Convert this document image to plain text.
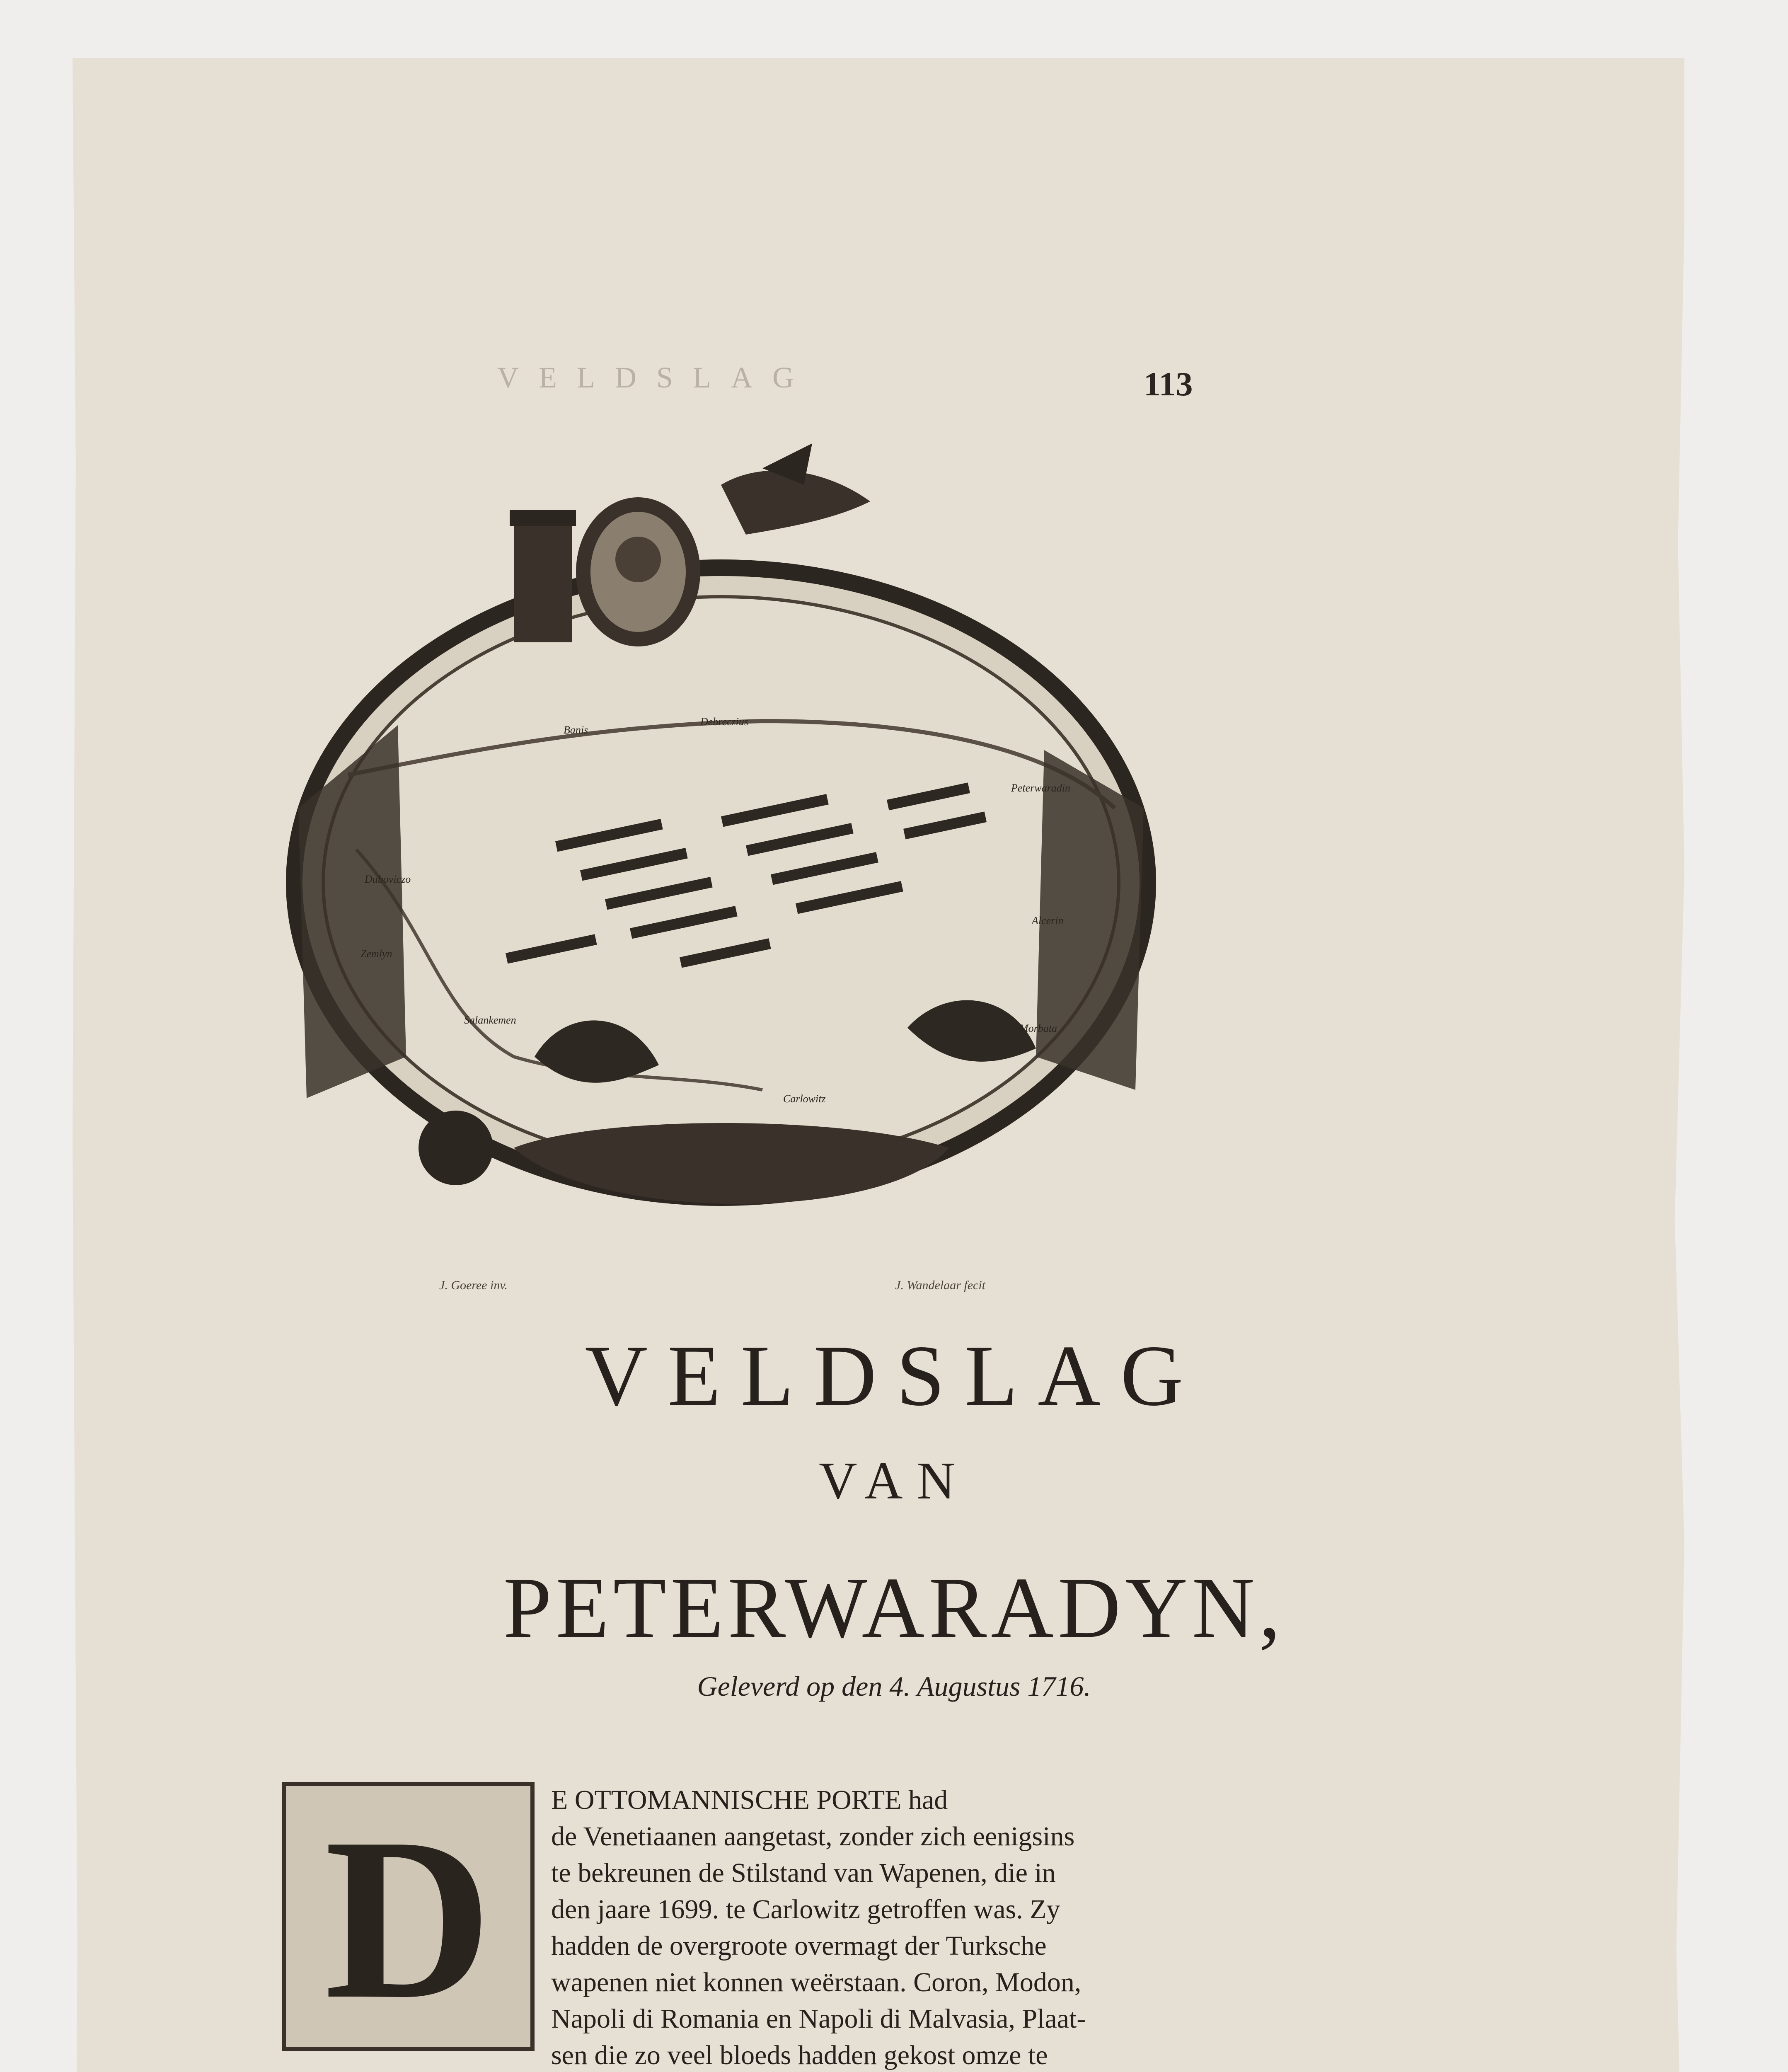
VELDSLAG	113
Banis
Debreczius
Peterwaradin
Zemlyn
Salankemen
Carlowitz
Alcerin
Morbata
Duboviczo
J. Goeree inv.	J. Wandelaar fecit
VELDSLAG
VAN
PETERWARADYN,
Geleverd op den 4. Augustus 1716.
D	E OTTOMANNISCHE PORTE had
de Venetiaanen aangetast, zonder zich eenigsins
te bekreunen de Stilstand van Wapenen, die in
den jaare 1699. te Carlowitz getroffen was. Zy
hadden de overgroote overmagt der Turksche
wapenen niet konnen weërstaan. Coron, Modon,
Napoli di Romania en Napoli di Malvasia, Plaat-
sen die zo veel bloeds hadden gekost omze te
